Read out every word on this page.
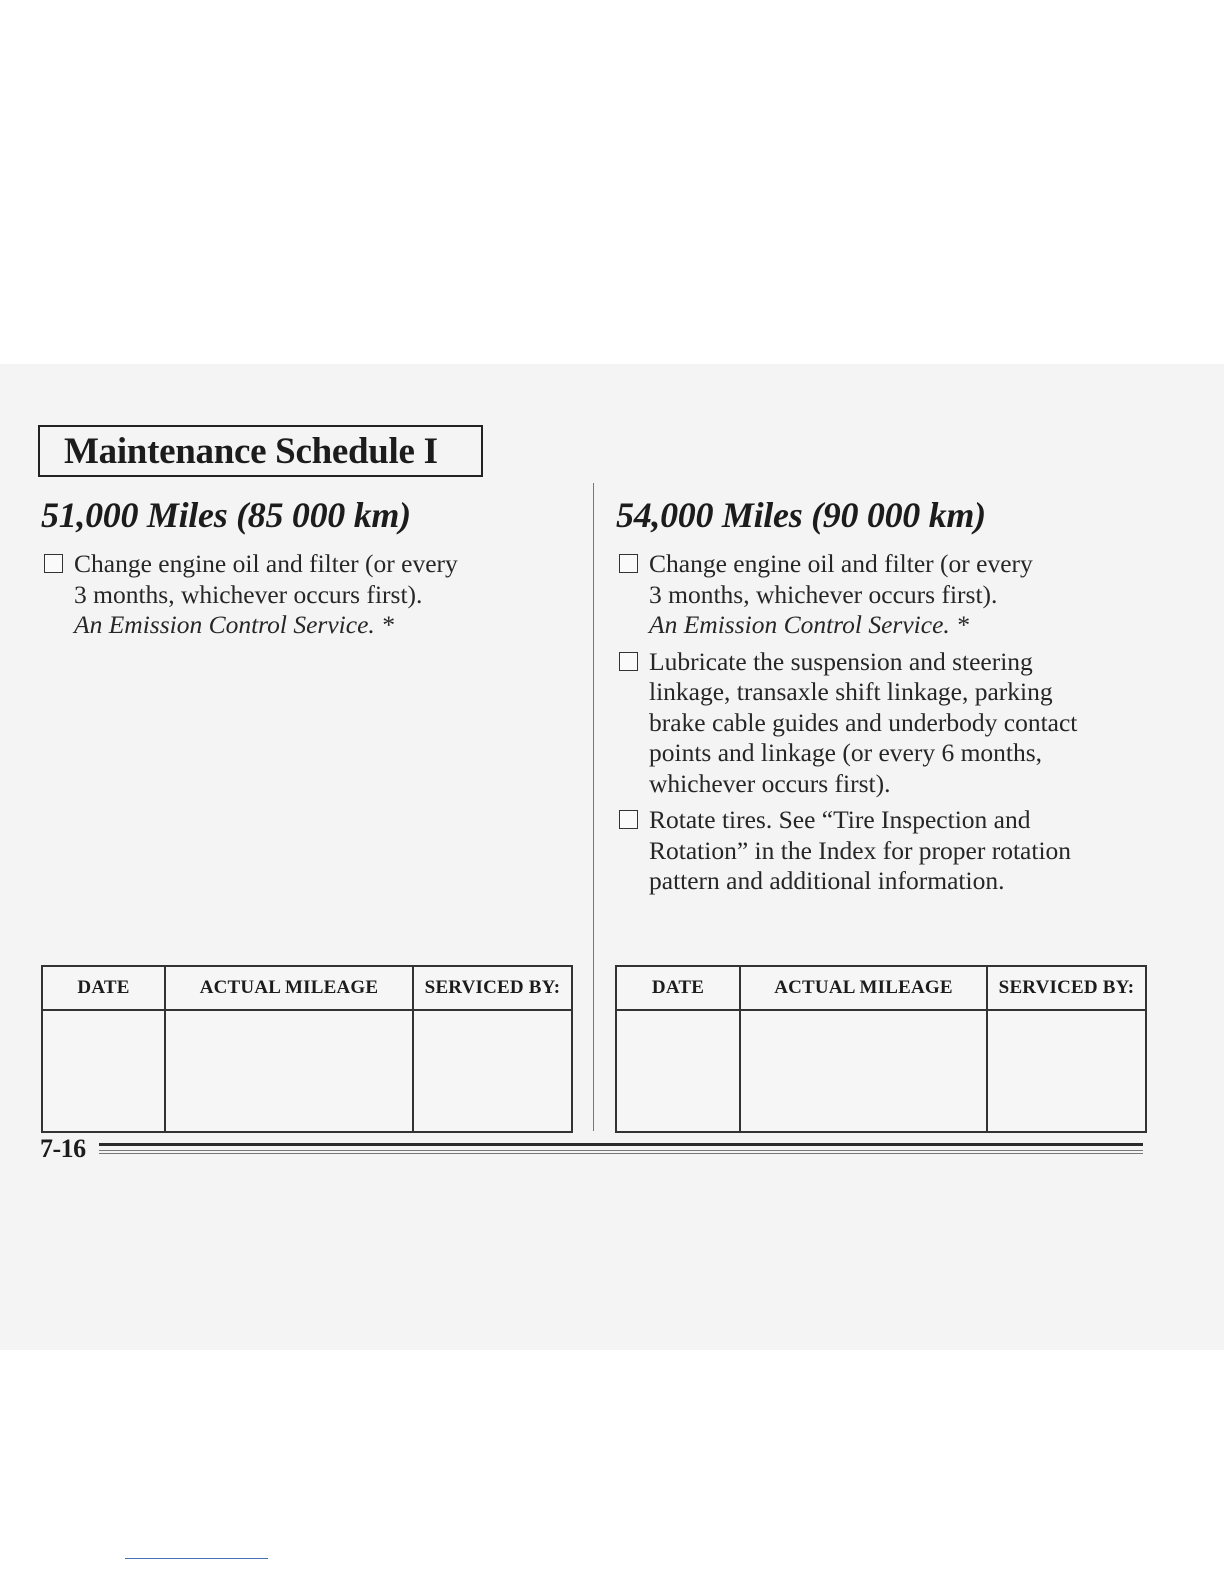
Maintenance Schedule I
51,000 Miles (85 000 km)
Change engine oil and filter (or every
3 months, whichever occurs first).
An Emission Control Service. *
54,000 Miles (90 000 km)
Change engine oil and filter (or every
3 months, whichever occurs first).
An Emission Control Service. *
Lubricate the suspension and steering
linkage, transaxle shift linkage, parking
brake cable guides and underbody contact
points and linkage (or every 6 months,
whichever occurs first).
Rotate tires. See “Tire Inspection and
Rotation” in the Index for proper rotation
pattern and additional information.
DATE	ACTUAL MILEAGE	SERVICED BY:
			DATE	ACTUAL MILEAGE	SERVICED BY:

7-16
